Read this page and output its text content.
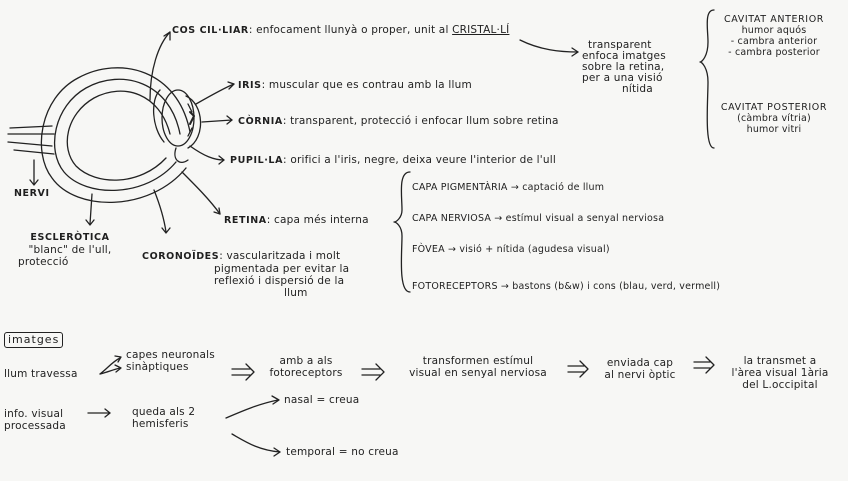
COS CIL·LIAR: enfocament llunyà o proper, unit al CRISTAL·LÍ
transparent
enfoca imatges
sobre la retina,
per a una visió
nítida
IRIS: muscular que es contrau amb la llum
CÒRNIA: transparent, protecció i enfocar llum sobre retina
PUPIL·LA: orifici a l'iris, negre, deixa veure l'interior de l'ull
NERVI
ESCLERÒTICA
"blanc" de l'ull,
protecció	CORONOÏDES: vascularitzada i molt
pigmentada per evitar la
reflexió i dispersió de la
llum
RETINA: capa més interna
CAPA PIGMENTÀRIA → captació de llum
CAPA NERVIOSA → estímul visual a senyal nerviosa
FÒVEA → visió + nítida (agudesa visual)
FOTORECEPTORS → bastons (b&w) i cons (blau, verd, vermell)
CAVITAT ANTERIOR
humor aquós
- cambra anterior
- cambra posterior
CAVITAT POSTERIOR
(càmbra vítria)
humor vitri
imatges
llum travessa
capes neuronals
sinàptiques	amb a als
fotoreceptors
transformen estímul
visual en senyal nerviosa
enviada cap
al nervi òptic
la transmet a
l'àrea visual 1ària
del L.occipital
info. visual
processada
queda als 2
hemisferis
nasal = creua
temporal = no creua
